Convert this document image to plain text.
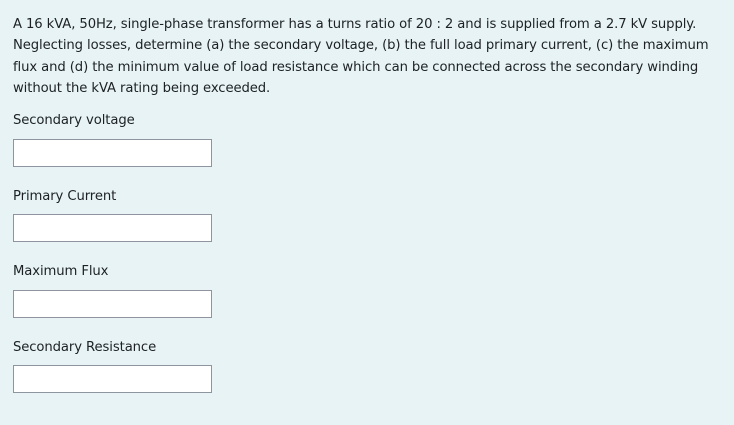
A 16 kVA, 50Hz, single-phase transformer has a turns ratio of 20 : 2 and is supplied from a 2.7 kV supply. Neglecting losses, determine (a) the secondary voltage, (b) the full load primary current, (c) the maximum flux and (d) the minimum value of load resistance which can be connected across the secondary winding without the kVA rating being exceeded.

Secondary voltage

Primary Current

Maximum Flux

Secondary Resistance
